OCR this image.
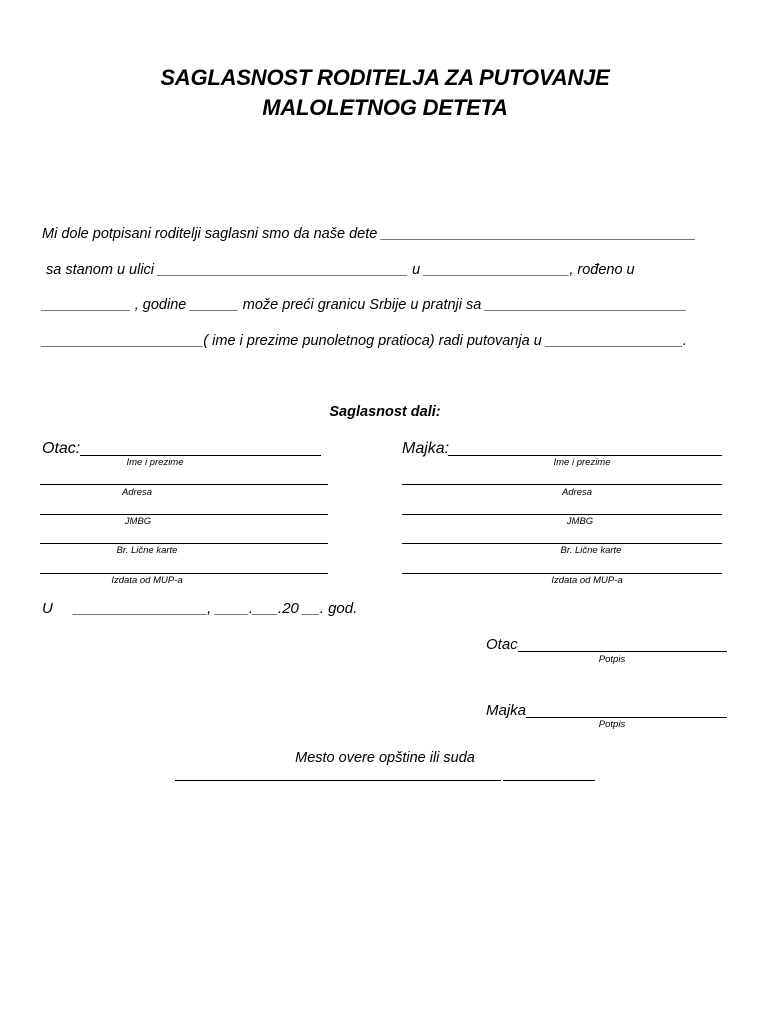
SAGLASNOST RODITELJA ZA PUTOVANJE
MALOLETNOG DETETA
Mi dole potpisani roditelji saglasni smo da naše dete _______________________________________
sa stanom u ulici _______________________________ u __________________, rođeno u
___________ , godine ______ može preći granicu Srbije u pratnji sa _________________________
____________________( ime i prezime punoletnog pratioca) radi putovanja u _________________.
Saglasnost dali:
Otac:
Ime i prezime
Adresa
JMBG
Br. Lične karte
Izdata od MUP-a
Majka:
Ime i prezime
Adresa
JMBG
Br. Lične karte
Izdata od MUP-a
U     ________________, ____.___.20 __. god.
Otac
Potpis
Majka
Potpis
Mesto overe opštine ili suda
